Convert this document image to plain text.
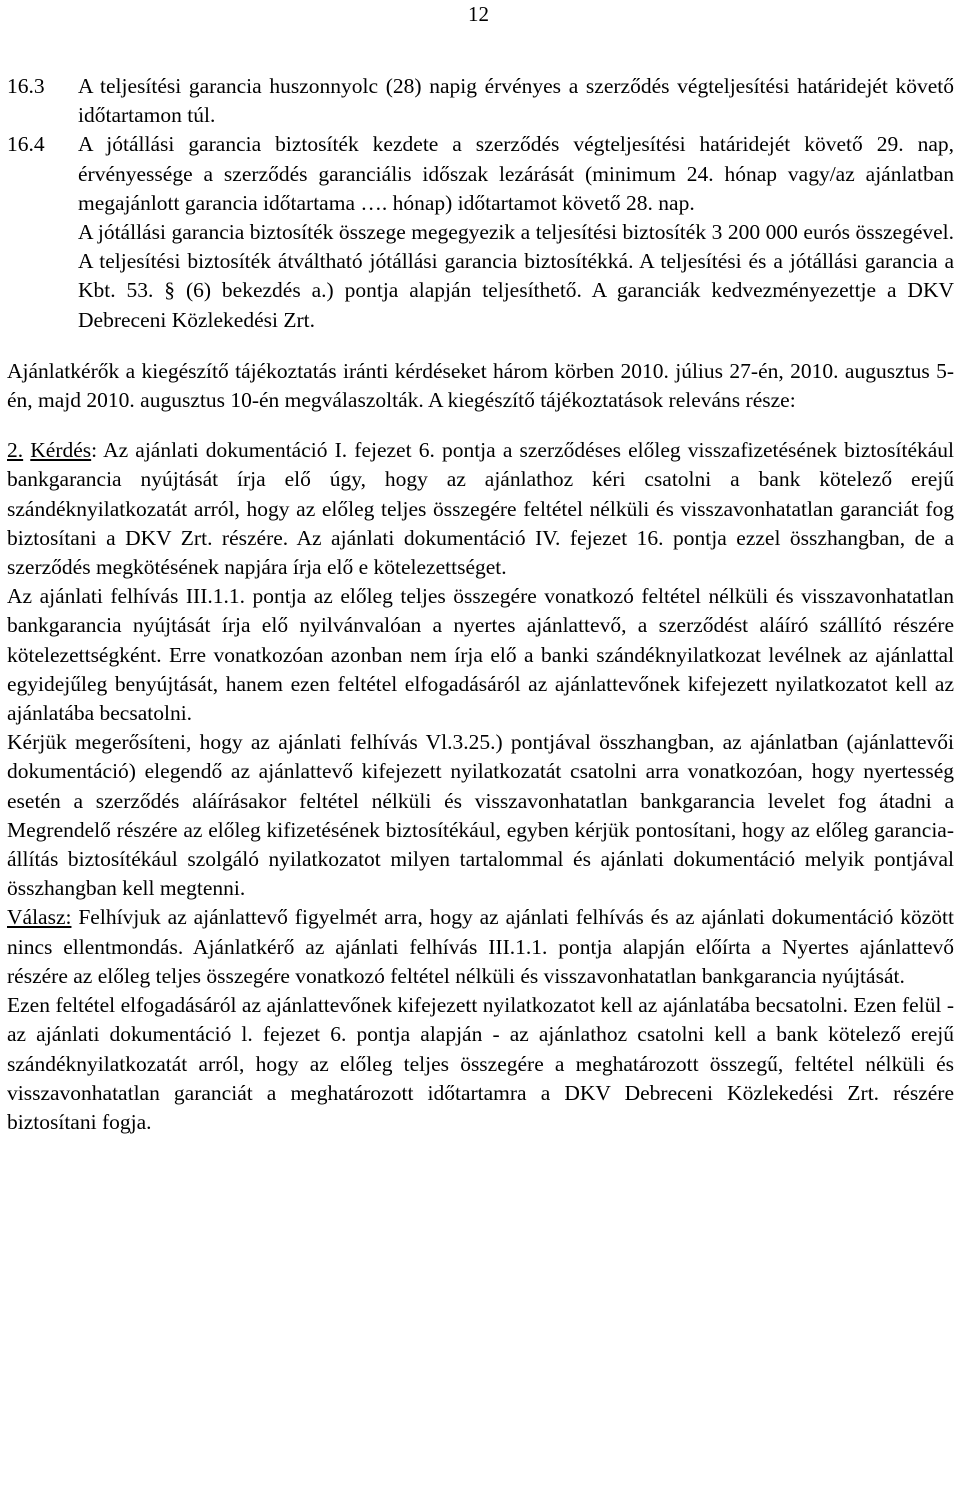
12
16.3	A teljesítési garancia huszonnyolc (28) napig érvényes a szerződés végteljesítési határidejét követő időtartamon túl.
16.4	A jótállási garancia biztosíték kezdete a szerződés végteljesítési határidejét követő 29. nap, érvényessége a szerződés garanciális időszak lezárását (minimum 24. hónap vagy/az ajánlatban megajánlott garancia időtartama …. hónap) időtartamot követő 28. nap.
A jótállási garancia biztosíték összege megegyezik a teljesítési biztosíték 3 200 000 eurós összegével. A teljesítési biztosíték átváltható jótállási garancia biztosítékká. A teljesítési és a jótállási garancia a Kbt. 53. § (6) bekezdés a.) pontja alapján teljesíthető. A garanciák kedvezményezettje a DKV Debreceni Közlekedési Zrt.

Ajánlatkérők a kiegészítő tájékoztatás iránti kérdéseket három körben 2010. július 27-én, 2010. augusztus 5-én, majd 2010. augusztus 10-én megválaszolták. A kiegészítő tájékoztatások releváns része:

2. Kérdés: Az ajánlati dokumentáció I. fejezet 6. pontja a szerződéses előleg visszafizetésének biztosítékául bankgarancia nyújtását írja elő úgy, hogy az ajánlathoz kéri csatolni a bank kötelező erejű szándéknyilatkozatát arról, hogy az előleg teljes összegére feltétel nélküli és visszavonhatatlan garanciát fog biztosítani a DKV Zrt. részére. Az ajánlati dokumentáció IV. fejezet 16. pontja ezzel összhangban, de a szerződés megkötésének napjára írja elő e kötelezettséget.

Az ajánlati felhívás III.1.1. pontja az előleg teljes összegére vonatkozó feltétel nélküli és visszavonhatatlan bankgarancia nyújtását írja elő nyilvánvalóan a nyertes ajánlattevő, a szerződést aláíró szállító részére kötelezettségként. Erre vonatkozóan azonban nem írja elő a banki szándéknyilatkozat levélnek az ajánlattal egyidejűleg benyújtását, hanem ezen feltétel elfogadásáról az ajánlattevőnek kifejezett nyilatkozatot kell az ajánlatába becsatolni.

Kérjük megerősíteni, hogy az ajánlati felhívás Vl.3.25.) pontjával összhangban, az ajánlatban (ajánlattevői dokumentáció) elegendő az ajánlattevő kifejezett nyilatkozatát csatolni arra vonatkozóan, hogy nyertesség esetén a szerződés aláírásakor feltétel nélküli és visszavonhatatlan bankgarancia levelet fog átadni a Megrendelő részére az előleg kifizetésének biztosítékául, egyben kérjük pontosítani, hogy az előleg garancia-állítás biztosítékául szolgáló nyilatkozatot milyen tartalommal és ajánlati dokumentáció melyik pontjával összhangban kell megtenni.

Válasz: Felhívjuk az ajánlattevő figyelmét arra, hogy az ajánlati felhívás és az ajánlati dokumentáció között nincs ellentmondás. Ajánlatkérő az ajánlati felhívás III.1.1. pontja alapján előírta a Nyertes ajánlattevő részére az előleg teljes összegére vonatkozó feltétel nélküli és visszavonhatatlan bankgarancia nyújtását.

Ezen feltétel elfogadásáról az ajánlattevőnek kifejezett nyilatkozatot kell az ajánlatába becsatolni. Ezen felül - az ajánlati dokumentáció l. fejezet 6. pontja alapján - az ajánlathoz csatolni kell a bank kötelező erejű szándéknyilatkozatát arról, hogy az előleg teljes összegére a meghatározott összegű, feltétel nélküli és visszavonhatatlan garanciát a meghatározott időtartamra a DKV Debreceni Közlekedési Zrt. részére biztosítani fogja.
